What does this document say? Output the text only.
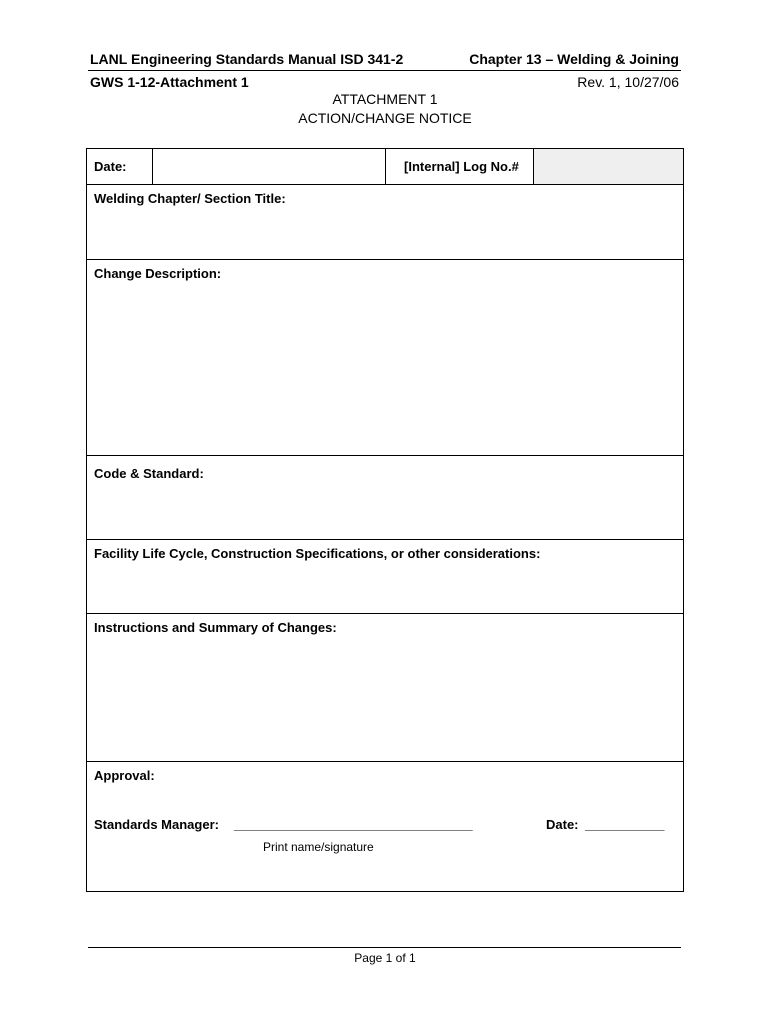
LANL Engineering Standards Manual ISD 341-2	Chapter 13 – Welding & Joining
GWS 1-12-Attachment 1	Rev. 1, 10/27/06
ATTACHMENT 1
ACTION/CHANGE NOTICE
Date:	[Internal] Log No.#
Welding Chapter/ Section Title:
Change Description:
Code & Standard:
Facility Life Cycle, Construction Specifications, or other considerations:
Instructions and Summary of Changes:
Approval:
Standards Manager: _________________________________	Date: ___________
Print name/signature
Page 1 of 1
